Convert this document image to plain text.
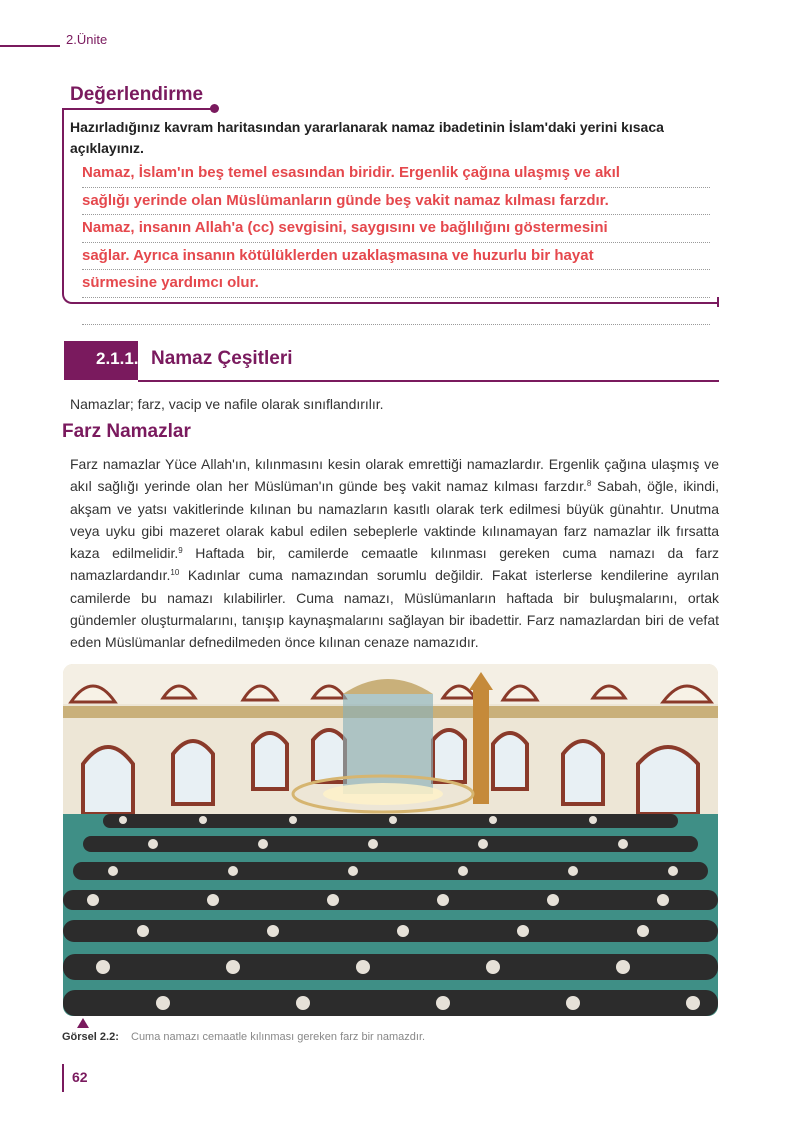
2.Ünite
Değerlendirme
Hazırladığınız kavram haritasından yararlanarak namaz ibadetinin İslam'daki yerini kısaca açıklayınız.
Namaz, İslam'ın beş temel esasından biridir. Ergenlik çağına ulaşmış ve akıl
sağlığı yerinde olan Müslümanların günde beş vakit namaz kılması farzdır.
Namaz, insanın Allah'a (cc) sevgisini, saygısını ve bağlılığını göstermesini
sağlar. Ayrıca insanın kötülüklerden uzaklaşmasına ve huzurlu bir hayat
sürmesine yardımcı olur.
2.1.1. Namaz Çeşitleri
Namazlar; farz, vacip ve nafile olarak sınıflandırılır.
Farz Namazlar
Farz namazlar Yüce Allah'ın, kılınmasını kesin olarak emrettiği namazlardır. Ergenlik çağına ulaşmış ve akıl sağlığı yerinde olan her Müslüman'ın günde beş vakit namaz kılması farzdır.$^8$ Sabah, öğle, ikindi, akşam ve yatsı vakitlerinde kılınan bu namazların kasıtlı olarak terk edilmesi büyük günahtır. Unutma veya uyku gibi mazeret olarak kabul edilen sebeplerle vaktinde kılınamayan farz namazlar ilk fırsatta kaza edilmelidir.$^9$ Haftada bir, camilerde cemaatle kılınması gereken cuma namazı da farz namazlardandır.$^{10}$ Kadınlar cuma namazından sorumlu değildir. Fakat isterlerse kendilerine ayrılan camilerde bu namazı kılabilirler. Cuma namazı, Müslümanların haftada bir buluşmalarını, ortak gündemler oluşturmalarını, tanışıp kaynaşmalarını sağlayan bir ibadettir. Farz namazlardan biri de vefat eden Müslümanlar defnedilmeden önce kılınan cenaze namazıdır.
Görsel 2.2: Cuma namazı cemaatle kılınması gereken farz bir namazdır.
62
